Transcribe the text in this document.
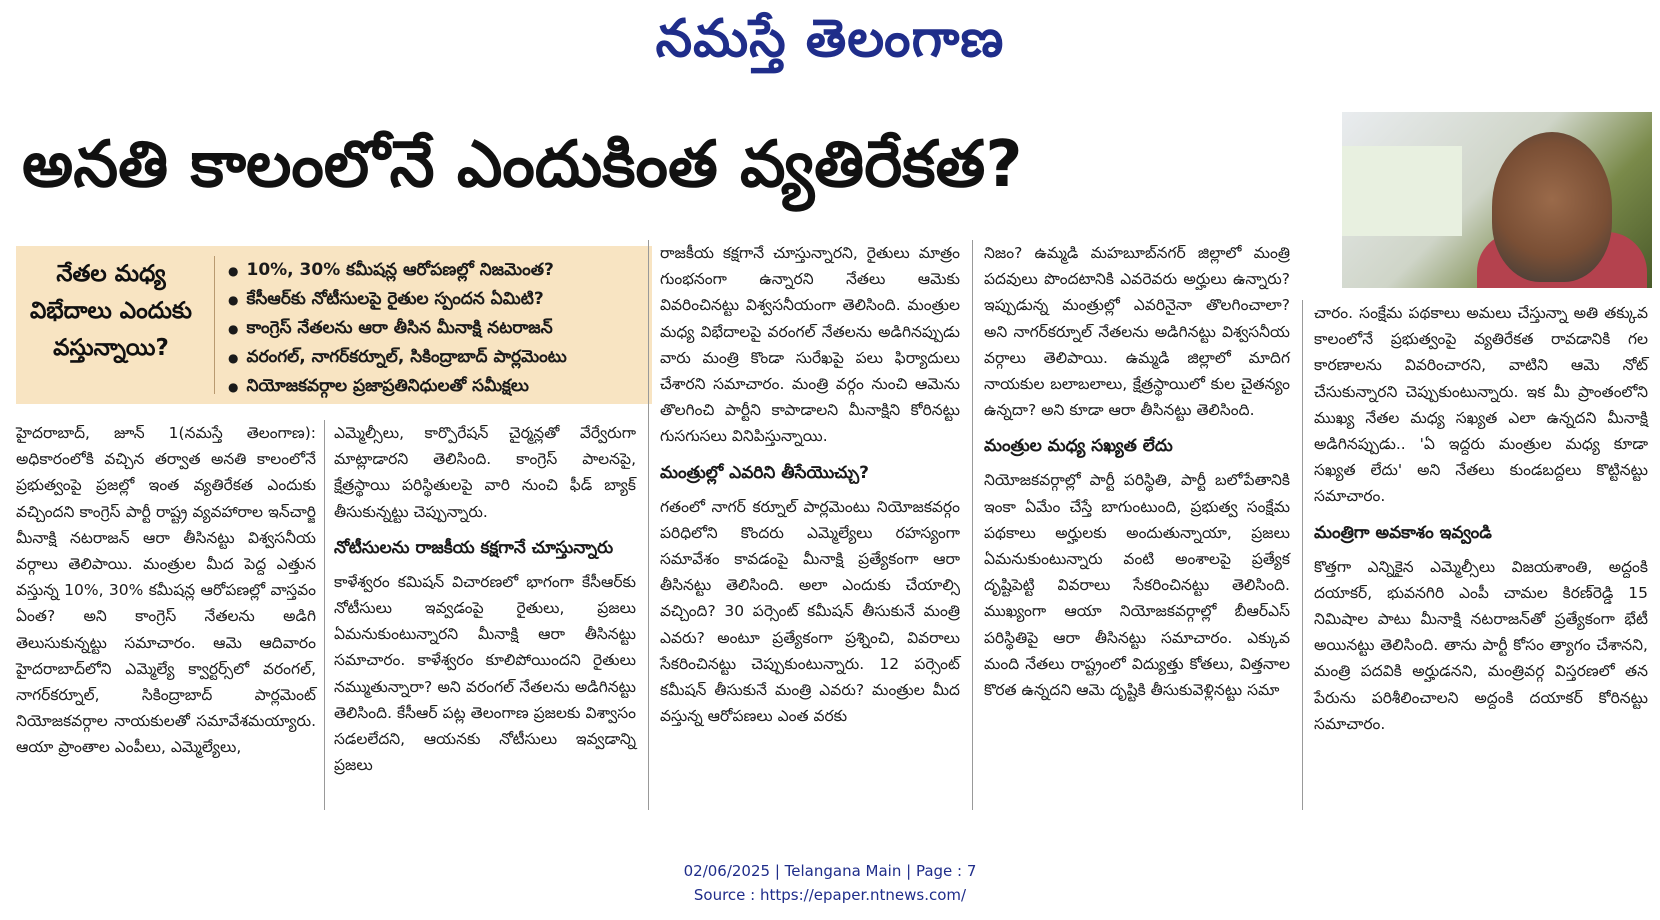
నమస్తే తెలంగాణ
అనతి కాలంలోనే ఎందుకింత వ్యతిరేకత?
నేతల మధ్య విభేదాలు ఎందుకు వస్తున్నాయి?
● 10%, 30% కమీషన్ల ఆరోపణల్లో నిజమెంత?
● కేసీఆర్‌కు నోటీసులపై రైతుల స్పందన ఏమిటి?
● కాంగ్రెస్ నేతలను ఆరా తీసిన మీనాక్షి నటరాజన్
● వరంగల్, నాగర్‌కర్నూల్, సికింద్రాబాద్ పార్లమెంటు
● నియోజకవర్గాల ప్రజాప్రతినిధులతో సమీక్షలు

హైదరాబాద్, జూన్ 1(నమస్తే తెలంగాణ): అధికారంలోకి వచ్చిన తర్వాత అనతి కాలంలోనే ప్రభుత్వంపై ప్రజల్లో ఇంత వ్యతిరేకత ఎందుకు వచ్చిందని కాంగ్రెస్ పార్టీ రాష్ట్ర వ్యవహారాల ఇన్‌చార్జి మీనాక్షి నటరాజన్ ఆరా తీసినట్టు విశ్వసనీయ వర్గాలు తెలిపాయి. మంత్రుల మీద పెద్ద ఎత్తున వస్తున్న 10%, 30% కమీషన్ల ఆరోపణల్లో వాస్తవం ఏంత? అని కాంగ్రెస్ నేతలను అడిగి తెలుసుకున్నట్టు సమాచారం. ఆమె ఆదివారం హైదరాబాద్‌లోని ఎమ్మెల్యే క్వార్టర్స్‌లో వరంగల్, నాగర్‌కర్నూల్, సికింద్రాబాద్ పార్లమెంట్ నియోజకవర్గాల నాయకులతో సమావేశమయ్యారు. ఆయా ప్రాంతాల ఎంపీలు, ఎమ్మెల్యేలు,

ఎమ్మెల్సీలు, కార్పొరేషన్ చైర్మన్లతో వేర్వేరుగా మాట్లాడారని తెలిసింది. కాంగ్రెస్ పాలనపై, క్షేత్రస్థాయి పరిస్థితులపై వారి నుంచి ఫీడ్ బ్యాక్ తీసుకున్నట్టు చెప్పున్నారు.

నోటీసులను రాజకీయ కక్షగానే చూస్తున్నారు

కాళేశ్వరం కమిషన్ విచారణలో భాగంగా కేసీఆర్‌కు నోటీసులు ఇవ్వడంపై రైతులు, ప్రజలు ఏమనుకుంటున్నారని మీనాక్షి ఆరా తీసినట్టు సమాచారం. కాళేశ్వరం కూలిపోయిందని రైతులు నమ్ముతున్నారా? అని వరంగల్ నేతలను అడిగినట్టు తెలిసింది. కేసీఆర్ పట్ల తెలంగాణ ప్రజలకు విశ్వాసం సడలలేదని, ఆయనకు నోటీసులు ఇవ్వడాన్ని ప్రజలు

రాజకీయ కక్షగానే చూస్తున్నారని, రైతులు మాత్రం గుంభనంగా ఉన్నారని నేతలు ఆమెకు వివరించినట్టు విశ్వసనీయంగా తెలిసింది. మంత్రుల మధ్య విభేదాలపై వరంగల్ నేతలను అడిగినప్పుడు వారు మంత్రి కొండా సురేఖపై పలు ఫిర్యాదులు చేశారని సమాచారం. మంత్రి వర్గం నుంచి ఆమెను తొలగించి పార్టీని కాపాడాలని మీనాక్షిని కోరినట్టు గుసగుసలు వినిపిస్తున్నాయి.

మంత్రుల్లో ఎవరిని తీసేయొచ్చు?

గతంలో నాగర్ కర్నూల్ పార్లమెంటు నియోజకవర్గం పరిధిలోని కొందరు ఎమ్మెల్యేలు రహస్యంగా సమావేశం కావడంపై మీనాక్షి ప్రత్యేకంగా ఆరా తీసినట్టు తెలిసింది. అలా ఎందుకు చేయాల్సి వచ్చింది? 30 పర్సెంట్ కమీషన్ తీసుకునే మంత్రి ఎవరు? అంటూ ప్రత్యేకంగా ప్రశ్నించి, వివరాలు సేకరించినట్టు చెప్పుకుంటున్నారు. 12 పర్సెంట్ కమీషన్ తీసుకునే మంత్రి ఎవరు? మంత్రుల మీద వస్తున్న ఆరోపణలు ఎంత వరకు

నిజం? ఉమ్మడి మహబూబ్‌నగర్ జిల్లాలో మంత్రి పదవులు పొందటానికి ఎవరెవరు అర్హులు ఉన్నారు? ఇప్పుడున్న మంత్రుల్లో ఎవరినైనా తొలగించాలా? అని నాగర్‌కర్నూల్ నేతలను అడిగినట్టు విశ్వసనీయ వర్గాలు తెలిపాయి. ఉమ్మడి జిల్లాలో మాదిగ నాయకుల బలాబలాలు, క్షేత్రస్థాయిలో కుల చైతన్యం ఉన్నదా? అని కూడా ఆరా తీసినట్టు తెలిసింది.

మంత్రుల మధ్య సఖ్యత లేదు

నియోజకవర్గాల్లో పార్టీ పరిస్థితి, పార్టీ బలోపేతానికి ఇంకా ఏమేం చేస్తే బాగుంటుంది, ప్రభుత్వ సంక్షేమ పథకాలు అర్హులకు అందుతున్నాయా, ప్రజలు ఏమనుకుంటున్నారు వంటి అంశాలపై ప్రత్యేక దృష్టిపెట్టి వివరాలు సేకరించినట్టు తెలిసింది. ముఖ్యంగా ఆయా నియోజకవర్గాల్లో బీఆర్‌ఎస్ పరిస్థితిపై ఆరా తీసినట్టు సమాచారం. ఎక్కువ మంది నేతలు రాష్ట్రంలో విద్యుత్తు కోతలు, విత్తనాల కొరత ఉన్నదని ఆమె దృష్టికి తీసుకువెళ్లినట్టు సమా

చారం. సంక్షేమ పథకాలు అమలు చేస్తున్నా అతి తక్కువ కాలంలోనే ప్రభుత్వంపై వ్యతిరేకత రావడానికి గల కారణాలను వివరించారని, వాటిని ఆమె నోట్ చేసుకున్నారని చెప్పుకుంటున్నారు. ఇక మీ ప్రాంతంలోని ముఖ్య నేతల మధ్య సఖ్యత ఎలా ఉన్నదని మీనాక్షి అడిగినప్పుడు.. 'ఏ ఇద్దరు మంత్రుల మధ్య కూడా సఖ్యత లేదు' అని నేతలు కుండబద్దలు కొట్టినట్టు సమాచారం.

మంత్రిగా అవకాశం ఇవ్వండి

కొత్తగా ఎన్నికైన ఎమ్మెల్సీలు విజయశాంతి, అద్దంకి దయాకర్, భువనగిరి ఎంపీ చామల కిరణ్‌రెడ్డి 15 నిమిషాల పాటు మీనాక్షి నటరాజన్‌తో ప్రత్యేకంగా భేటీ అయినట్టు తెలిసింది. తాను పార్టీ కోసం త్యాగం చేశానని, మంత్రి పదవికి అర్హుడనని, మంత్రివర్గ విస్తరణలో తన పేరును పరిశీలించాలని అద్దంకి దయాకర్ కోరినట్టు సమాచారం.

02/06/2025 | Telangana Main | Page : 7
Source : https://epaper.ntnews.com/
